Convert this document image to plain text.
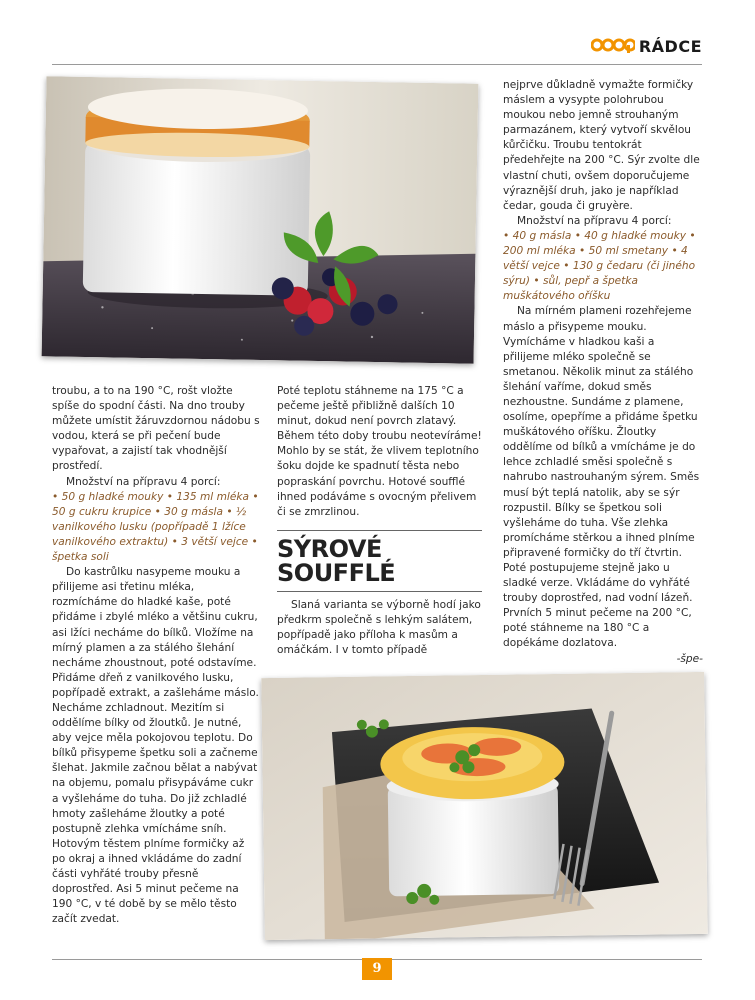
RÁDCE

nejprve důkladně vymažte formičky máslem a vysypte polohrubou moukou nebo jemně strouhaným parmazánem, který vytvoří skvělou kůrčičku. Troubu tentokrát předehřejte na 200 °C. Sýr zvolte dle vlastní chuti, ovšem doporučujeme výraznější druh, jako je například čedar, gouda či gruyère.

Množství na přípravu 4 porcí:

• 40 g másla • 40 g hladké mouky • 200 ml mléka • 50 ml smetany • 4 větší vejce • 130 g čedaru (či jiného sýru) • sůl, pepř a špetka muškátového oříšku

Na mírném plameni rozehřejeme máslo a přisypeme mouku. Vymícháme v hladkou kaši a přilijeme mléko společně se smetanou. Několik minut za stálého šlehání vaříme, dokud směs nezhoustne. Sundáme z plamene, osolíme, opepříme a přidáme špetku muškátového oříšku. Žloutky oddělíme od bílků a vmícháme je do lehce zchladlé směsi společně s nahrubo nastrouhaným sýrem. Směs musí být teplá natolik, aby se sýr rozpustil. Bílky se špetkou soli vyšleháme do tuha. Vše zlehka promícháme stěrkou a ihned plníme připravené formičky do tří čtvrtin. Poté postupujeme stejně jako u sladké verze. Vkládáme do vyhřáté trouby doprostřed, nad vodní lázeň. Prvních 5 minut pečeme na 200 °C, poté stáhneme na 180 °C a dopékáme dozlatova.

-špe-

troubu, a to na 190 °C, rošt vložte spíše do spodní části. Na dno trouby můžete umístit žáruvzdornou nádobu s vodou, která se při pečení bude vypařovat, a zajistí tak vhodnější prostředí.

Množství na přípravu 4 porcí:

• 50 g hladké mouky • 135 ml mléka • 50 g cukru krupice • 30 g másla • ½ vanilkového lusku (popřípadě 1 lžíce vanilkového extraktu) • 3 větší vejce • špetka soli

Do kastrůlku nasypeme mouku a přilijeme asi třetinu mléka, rozmícháme do hladké kaše, poté přidáme i zbylé mléko a většinu cukru, asi lžíci necháme do bílků. Vložíme na mírný plamen a za stálého šlehání necháme zhoustnout, poté odstavíme. Přidáme dřeň z vanilkového lusku, popřípadě extrakt, a zašleháme máslo. Necháme zchladnout. Mezitím si oddělíme bílky od žloutků. Je nutné, aby vejce měla pokojovou teplotu. Do bílků přisypeme špetku soli a začneme šlehat. Jakmile začnou bělat a nabývat na objemu, pomalu přisypáváme cukr a vyšleháme do tuha. Do již zchladlé hmoty zašleháme žloutky a poté postupně zlehka vmícháme sníh. Hotovým těstem plníme formičky až po okraj a ihned vkládáme do zadní části vyhřáté trouby přesně doprostřed. Asi 5 minut pečeme na 190 °C, v té době by se mělo těsto začít zvedat.

Poté teplotu stáhneme na 175 °C a pečeme ještě přibližně dalších 10 minut, dokud není povrch zlatavý. Během této doby troubu neotevíráme! Mohlo by se stát, že vlivem teplotního šoku dojde ke spadnutí těsta nebo popraskání povrchu. Hotové soufflé ihned podáváme s ovocným přelivem či se zmrzlinou.

SÝROVÉ
SOUFFLÉ

Slaná varianta se výborně hodí jako předkrm společně s lehkým salátem, popřípadě jako příloha k masům a omáčkám. I v tomto případě

9
